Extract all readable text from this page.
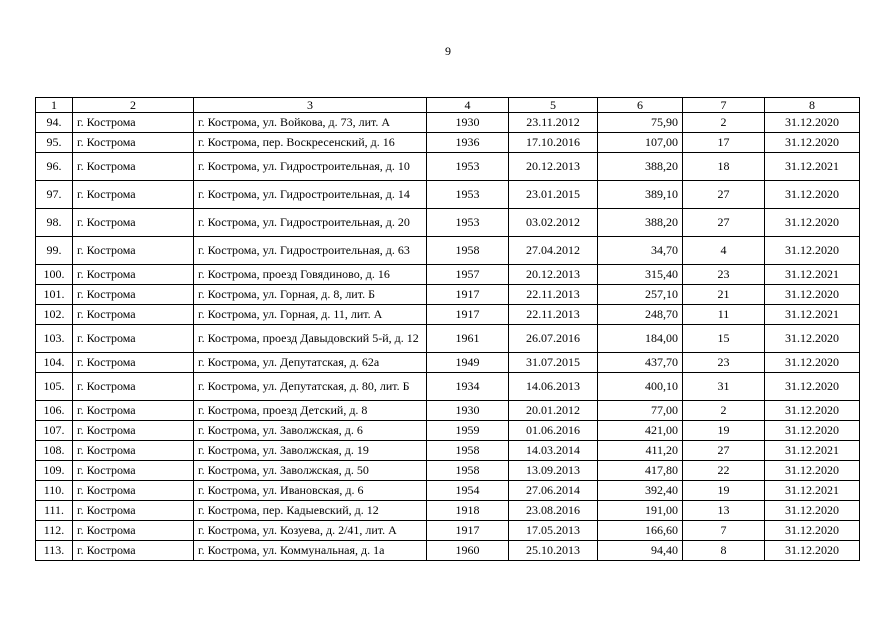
9
1	2	3	4	5	6	7	8
94.	г. Кострома	г. Кострома, ул. Войкова, д. 73, лит. А	1930	23.11.2012	75,90	2	31.12.2020
95.	г. Кострома	г. Кострома, пер. Воскресенский, д. 16	1936	17.10.2016	107,00	17	31.12.2020
96.	г. Кострома	г. Кострома, ул. Гидростроительная, д. 10	1953	20.12.2013	388,20	18	31.12.2021
97.	г. Кострома	г. Кострома, ул. Гидростроительная, д. 14	1953	23.01.2015	389,10	27	31.12.2020
98.	г. Кострома	г. Кострома, ул. Гидростроительная, д. 20	1953	03.02.2012	388,20	27	31.12.2020
99.	г. Кострома	г. Кострома, ул. Гидростроительная, д. 63	1958	27.04.2012	34,70	4	31.12.2020
100.	г. Кострома	г. Кострома, проезд Говядиново, д. 16	1957	20.12.2013	315,40	23	31.12.2021
101.	г. Кострома	г. Кострома, ул. Горная, д. 8, лит. Б	1917	22.11.2013	257,10	21	31.12.2020
102.	г. Кострома	г. Кострома, ул. Горная, д. 11, лит. А	1917	22.11.2013	248,70	11	31.12.2021
103.	г. Кострома	г. Кострома, проезд Давыдовский 5-й, д. 12	1961	26.07.2016	184,00	15	31.12.2020
104.	г. Кострома	г. Кострома, ул. Депутатская, д. 62а	1949	31.07.2015	437,70	23	31.12.2020
105.	г. Кострома	г. Кострома, ул. Депутатская, д. 80, лит. Б	1934	14.06.2013	400,10	31	31.12.2020
106.	г. Кострома	г. Кострома, проезд Детский, д. 8	1930	20.01.2012	77,00	2	31.12.2020
107.	г. Кострома	г. Кострома, ул. Заволжская, д. 6	1959	01.06.2016	421,00	19	31.12.2020
108.	г. Кострома	г. Кострома, ул. Заволжская, д. 19	1958	14.03.2014	411,20	27	31.12.2021
109.	г. Кострома	г. Кострома, ул. Заволжская, д. 50	1958	13.09.2013	417,80	22	31.12.2020
110.	г. Кострома	г. Кострома, ул. Ивановская, д. 6	1954	27.06.2014	392,40	19	31.12.2021
111.	г. Кострома	г. Кострома, пер. Кадыевский, д. 12	1918	23.08.2016	191,00	13	31.12.2020
112.	г. Кострома	г. Кострома, ул. Козуева, д. 2/41, лит. А	1917	17.05.2013	166,60	7	31.12.2020
113.	г. Кострома	г. Кострома, ул. Коммунальная, д. 1а	1960	25.10.2013	94,40	8	31.12.2020
